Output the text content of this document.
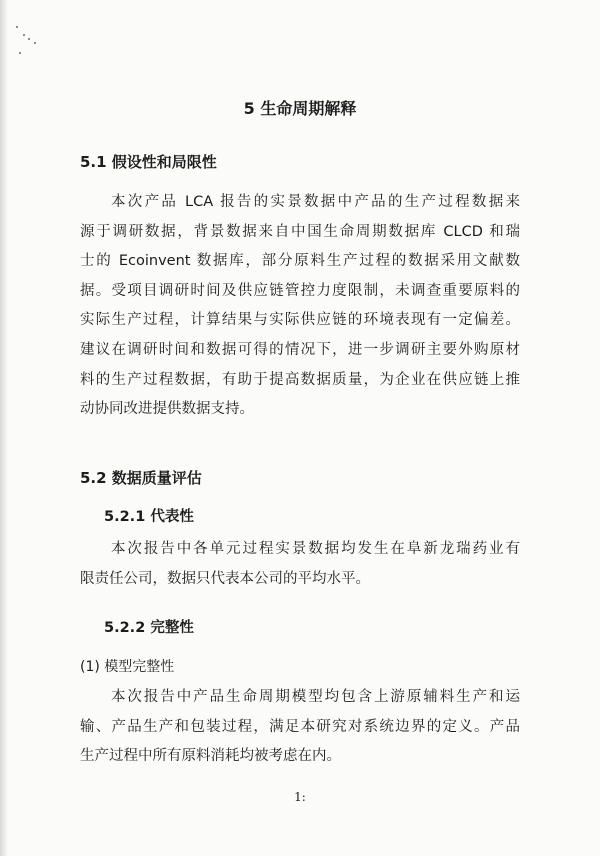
5 生命周期解释
5.1 假设性和局限性
本次产品 LCA 报告的实景数据中产品的生产过程数据来
源于调研数据，背景数据来自中国生命周期数据库 CLCD 和瑞
士的 Ecoinvent 数据库，部分原料生产过程的数据采用文献数
据。受项目调研时间及供应链管控力度限制，未调查重要原料的
实际生产过程，计算结果与实际供应链的环境表现有一定偏差。
建议在调研时间和数据可得的情况下，进一步调研主要外购原材
料的生产过程数据，有助于提高数据质量，为企业在供应链上推
动协同改进提供数据支持。
5.2 数据质量评估
5.2.1 代表性
本次报告中各单元过程实景数据均发生在阜新龙瑞药业有
限责任公司，数据只代表本公司的平均水平。
5.2.2 完整性
(1) 模型完整性
本次报告中产品生命周期模型均包含上游原辅料生产和运
输、产品生产和包装过程，满足本研究对系统边界的定义。产品
生产过程中所有原料消耗均被考虑在内。
1:
